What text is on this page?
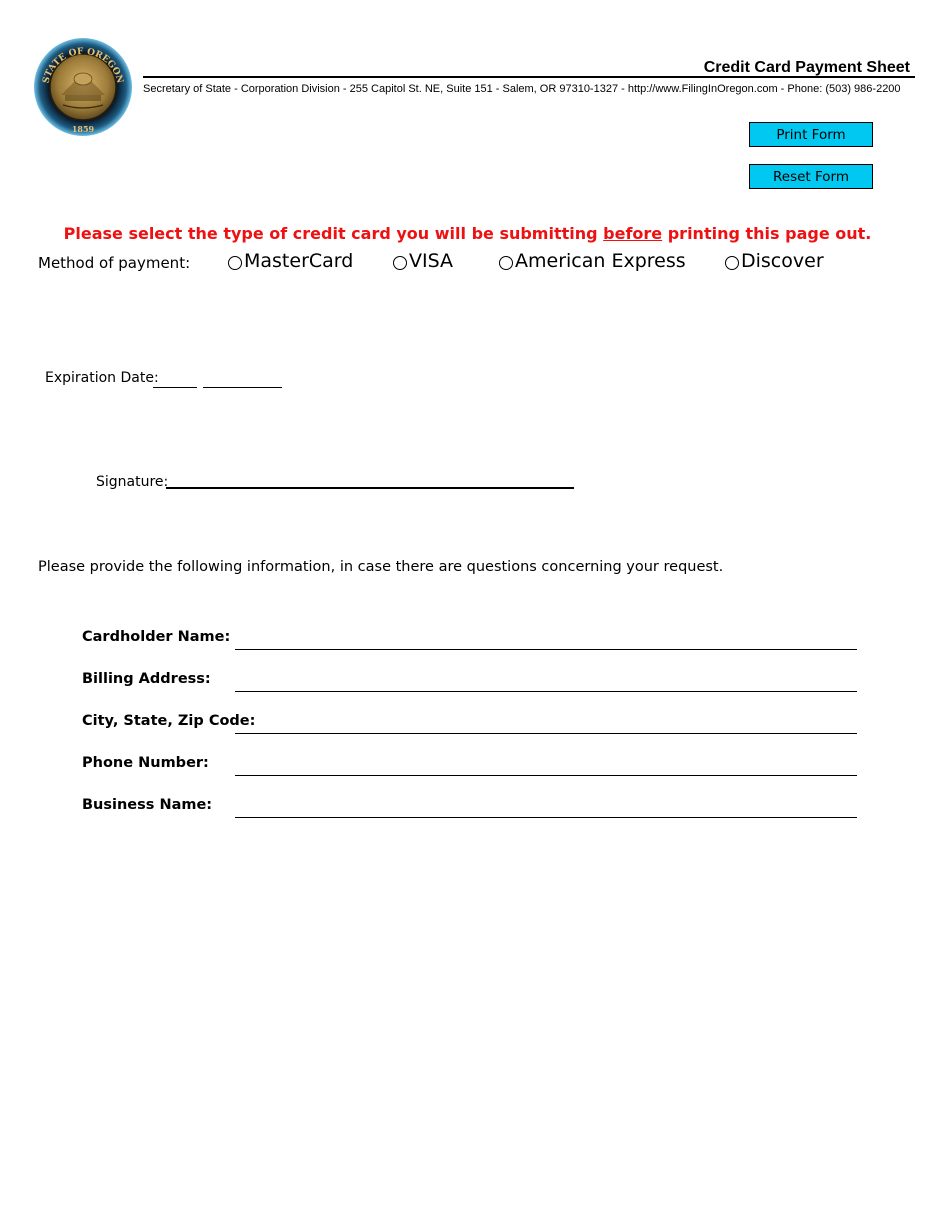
STATE OF OREGON
1859
Credit Card Payment Sheet
Secretary of State - Corporation Division - 255 Capitol St. NE, Suite 151 - Salem, OR 97310-1327 - http://www.FilingInOregon.com - Phone: (503) 986-2200
Print Form
Reset Form
Please select the type of credit card you will be submitting before printing this page out.
Method of payment:	MasterCard	VISA	American Express	Discover
Expiration Date:
Signature:
Please provide the following information, in case there are questions concerning your request.
Cardholder Name:
Billing Address:
City, State, Zip Code:
Phone Number:
Business Name:
